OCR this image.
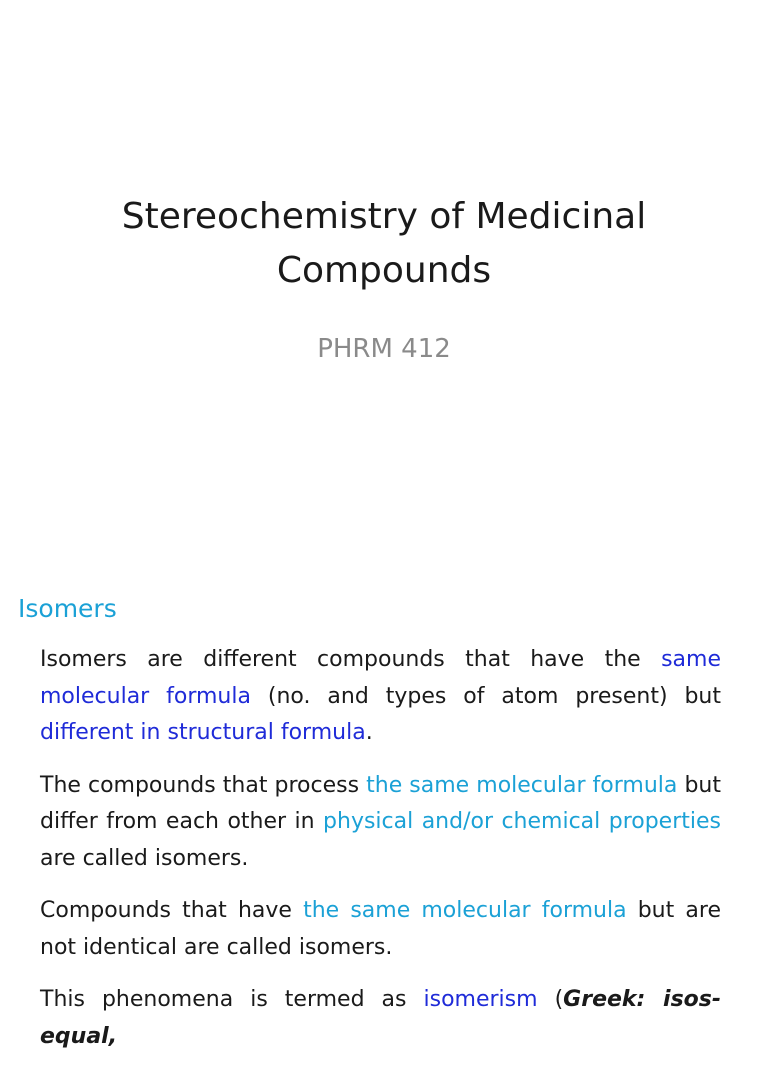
Stereochemistry of Medicinal
Compounds
PHRM 412
Isomers

Isomers are different compounds that have the same molecular formula (no. and types of atom present) but different in structural formula.

The compounds that process the same molecular formula but differ from each other in physical and/or chemical properties are called isomers.

Compounds that have the same molecular formula but are not identical are called isomers.

This phenomena is termed as isomerism (Greek: isos-equal,
